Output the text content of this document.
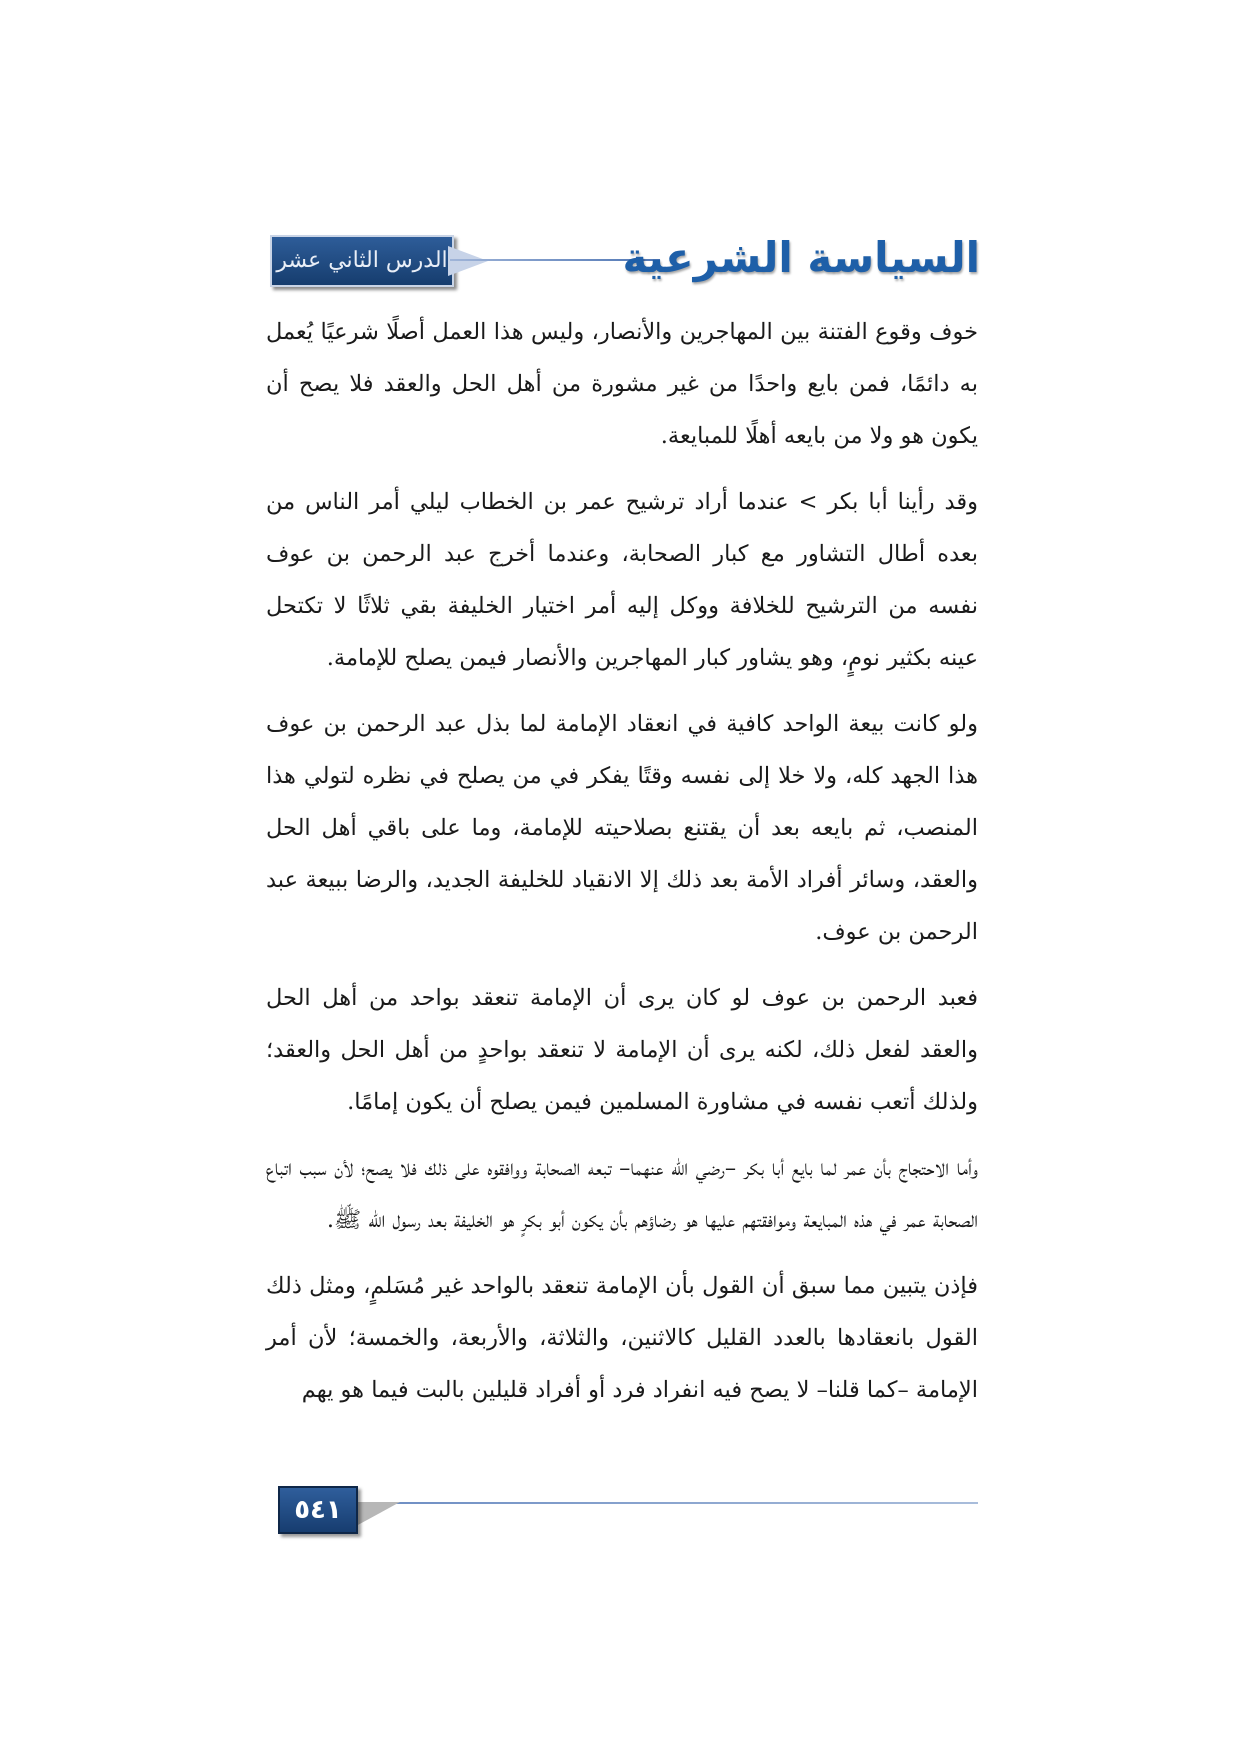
الدرس الثاني عشر	السياسة الشرعية

خوف وقوع الفتنة بين المهاجرين والأنصار، وليس هذا العمل أصلًا شرعيًا يُعمل به دائمًا، فمن بايع واحدًا من غير مشورة من أهل الحل والعقد فلا يصح أن يكون هو ولا من بايعه أهلًا للمبايعة.

وقد رأينا أبا بكر > عندما أراد ترشيح عمر بن الخطاب ليلي أمر الناس من بعده أطال التشاور مع كبار الصحابة، وعندما أخرج عبد الرحمن بن عوف نفسه من الترشيح للخلافة ووكل إليه أمر اختيار الخليفة بقي ثلاثًا لا تكتحل عينه بكثير نومٍ، وهو يشاور كبار المهاجرين والأنصار فيمن يصلح للإمامة.

ولو كانت بيعة الواحد كافية في انعقاد الإمامة لما بذل عبد الرحمن بن عوف هذا الجهد كله، ولا خلا إلى نفسه وقتًا يفكر في من يصلح في نظره لتولي هذا المنصب، ثم بايعه بعد أن يقتنع بصلاحيته للإمامة، وما على باقي أهل الحل والعقد، وسائر أفراد الأمة بعد ذلك إلا الانقياد للخليفة الجديد، والرضا ببيعة عبد الرحمن بن عوف.

فعبد الرحمن بن عوف لو كان يرى أن الإمامة تنعقد بواحد من أهل الحل والعقد لفعل ذلك، لكنه يرى أن الإمامة لا تنعقد بواحدٍ من أهل الحل والعقد؛ ولذلك أتعب نفسه في مشاورة المسلمين فيمن يصلح أن يكون إمامًا.

وأما الاحتجاج بأن عمر لما بايع أبا بكر –رضي الله عنهما– تبعه الصحابة ووافقوه على ذلك فلا يصح؛ لأن سبب اتباع الصحابة عمر في هذه المبايعة وموافقتهم عليها هو رضاؤهم بأن يكون أبو بكرٍ هو الخليفة بعد رسول الله ﷺ.

فإذن يتبين مما سبق أن القول بأن الإمامة تنعقد بالواحد غير مُسَلمٍ، ومثل ذلك القول بانعقادها بالعدد القليل كالاثنين، والثلاثة، والأربعة، والخمسة؛ لأن أمر الإمامة –كما قلنا– لا يصح فيه انفراد فرد أو أفراد قليلين بالبت فيما هو يهم

٥٤١
